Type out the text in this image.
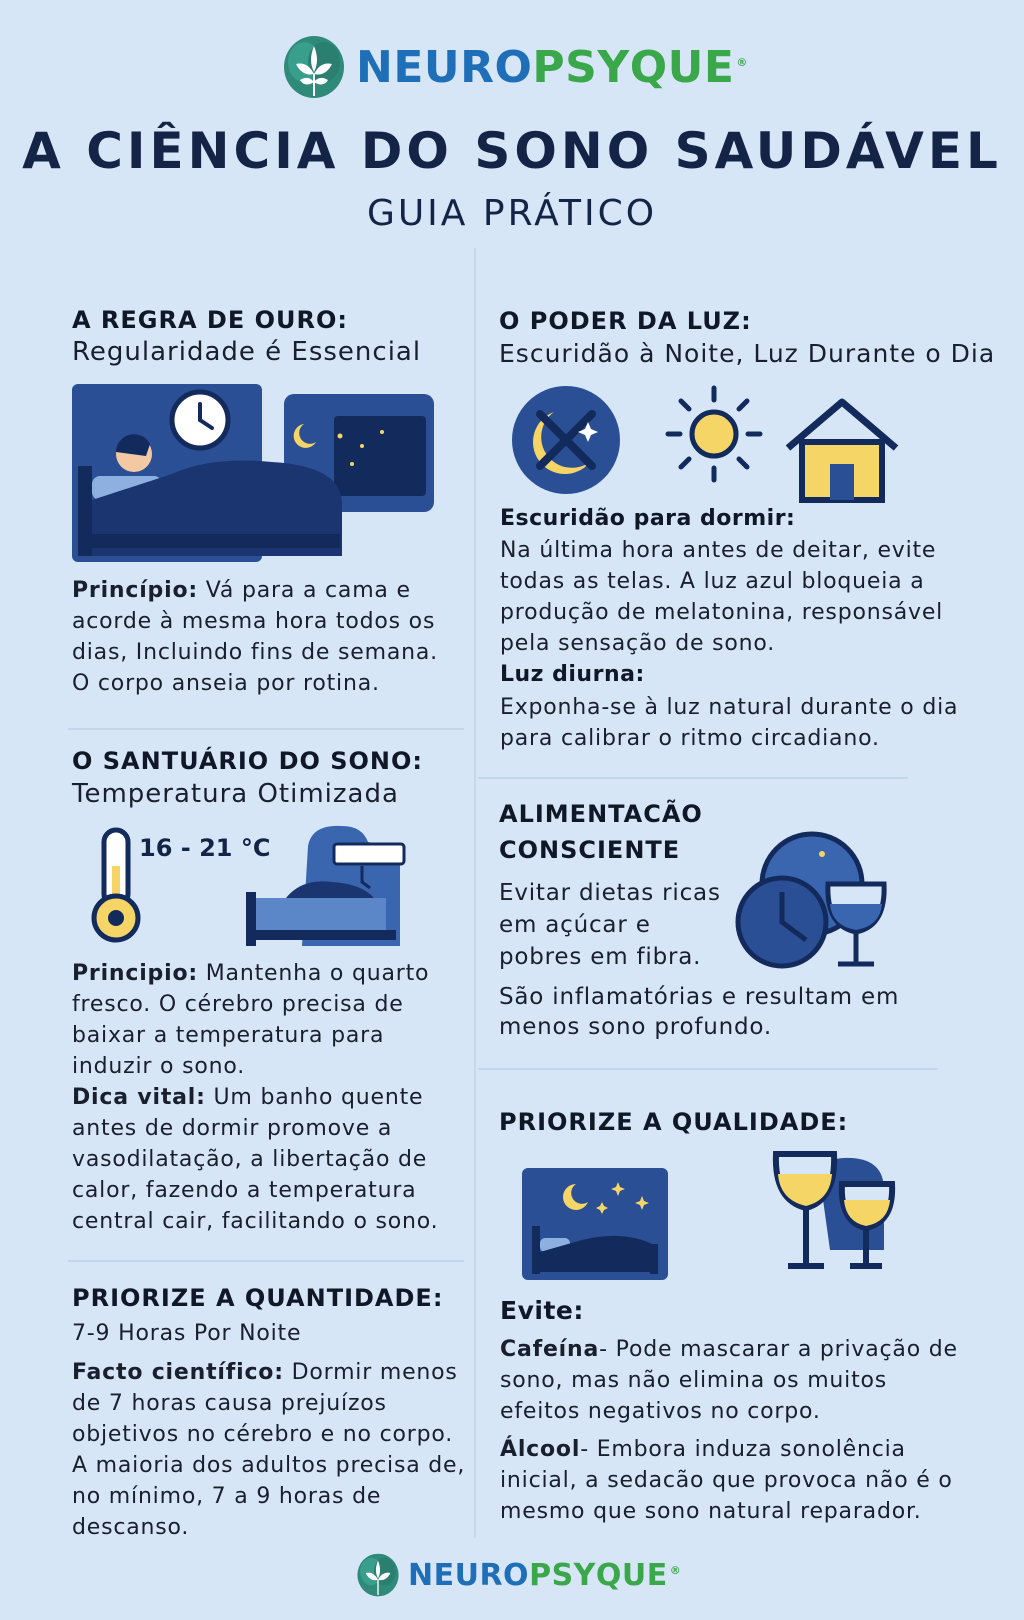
NEUROPSYQUE ®
A CIÊNCIA DO SONO SAUDÁVEL
GUIA PRÁTICO
A REGRA DE OURO:
Regularidade é Essencial
Princípio: Vá para a cama e acorde à mesma hora todos os dias, Incluindo fins de semana. O corpo anseia por rotina.
O SANTUÁRIO DO SONO:
Temperatura Otimizada
16 - 21 °C
Principio: Mantenha o quarto fresco. O cérebro precisa de baixar a temperatura para induzir o sono.
Dica vital: Um banho quente antes de dormir promove a vasodilatação, a libertação de calor, fazendo a temperatura central cair, facilitando o sono.
PRIORIZE A QUANTIDADE:
7-9 Horas Por Noite
Facto científico: Dormir menos de 7 horas causa prejuízos objetivos no cérebro e no corpo. A maioria dos adultos precisa de, no mínimo, 7 a 9 horas de descanso.
O PODER DA LUZ:
Escuridão à Noite, Luz Durante o Dia
Escuridão para dormir:
Na última hora antes de deitar, evite todas as telas. A luz azul bloqueia a produção de melatonina, responsável pela sensação de sono.
Luz diurna:
Exponha-se à luz natural durante o dia para calibrar o ritmo circadiano.
ALIMENTACÃO
CONSCIENTE
Evitar dietas ricas em açúcar e pobres em fibra.
São inflamatórias e resultam em menos sono profundo.
PRIORIZE A QUALIDADE:
Evite:
Cafeína- Pode mascarar a privação de sono, mas não elimina os muitos efeitos negativos no corpo.
Álcool- Embora induza sonolência inicial, a sedacão que provoca não é o mesmo que sono natural reparador.
NEUROPSYQUE ®
